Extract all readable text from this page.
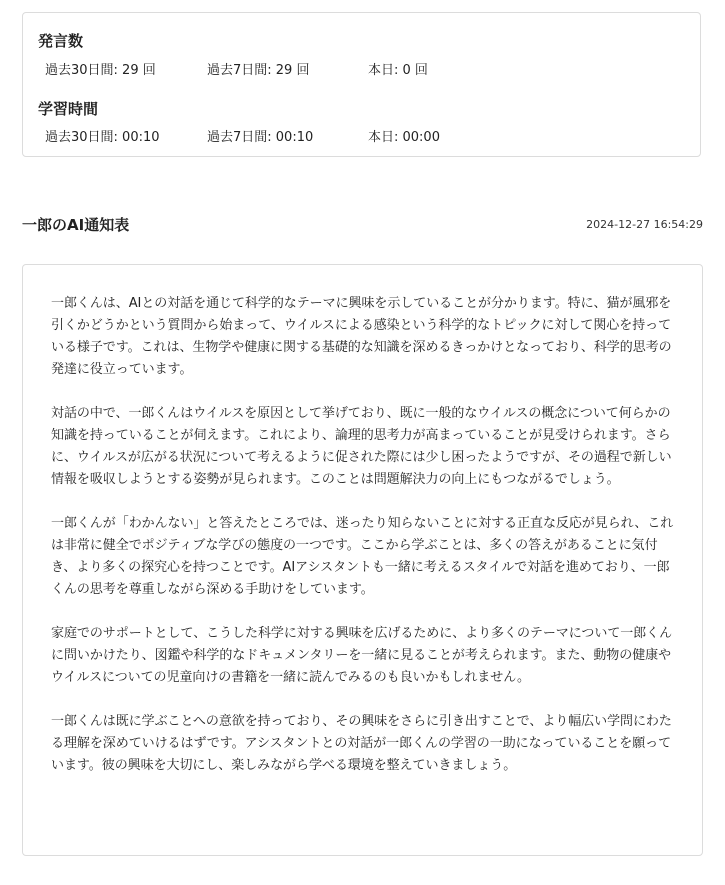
発言数
過去30日間: 29 回	過去7日間: 29 回	本日: 0 回
学習時間
過去30日間: 00:10	過去7日間: 00:10	本日: 00:00
一郎のAI通知表	2024-12-27 16:54:29

一郎くんは、AIとの対話を通じて科学的なテーマに興味を示していることが分かります。特に、猫が風邪を引くかどうかという質問から始まって、ウイルスによる感染という科学的なトピックに対して関心を持っている様子です。これは、生物学や健康に関する基礎的な知識を深めるきっかけとなっており、科学的思考の発達に役立っています。

対話の中で、一郎くんはウイルスを原因として挙げており、既に一般的なウイルスの概念について何らかの知識を持っていることが伺えます。これにより、論理的思考力が高まっていることが見受けられます。さらに、ウイルスが広がる状況について考えるように促された際には少し困ったようですが、その過程で新しい情報を吸収しようとする姿勢が見られます。このことは問題解決力の向上にもつながるでしょう。

一郎くんが「わかんない」と答えたところでは、迷ったり知らないことに対する正直な反応が見られ、これは非常に健全でポジティブな学びの態度の一つです。ここから学ぶことは、多くの答えがあることに気付き、より多くの探究心を持つことです。AIアシスタントも一緒に考えるスタイルで対話を進めており、一郎くんの思考を尊重しながら深める手助けをしています。

家庭でのサポートとして、こうした科学に対する興味を広げるために、より多くのテーマについて一郎くんに問いかけたり、図鑑や科学的なドキュメンタリーを一緒に見ることが考えられます。また、動物の健康やウイルスについての児童向けの書籍を一緒に読んでみるのも良いかもしれません。

一郎くんは既に学ぶことへの意欲を持っており、その興味をさらに引き出すことで、より幅広い学問にわたる理解を深めていけるはずです。アシスタントとの対話が一郎くんの学習の一助になっていることを願っています。彼の興味を大切にし、楽しみながら学べる環境を整えていきましょう。
